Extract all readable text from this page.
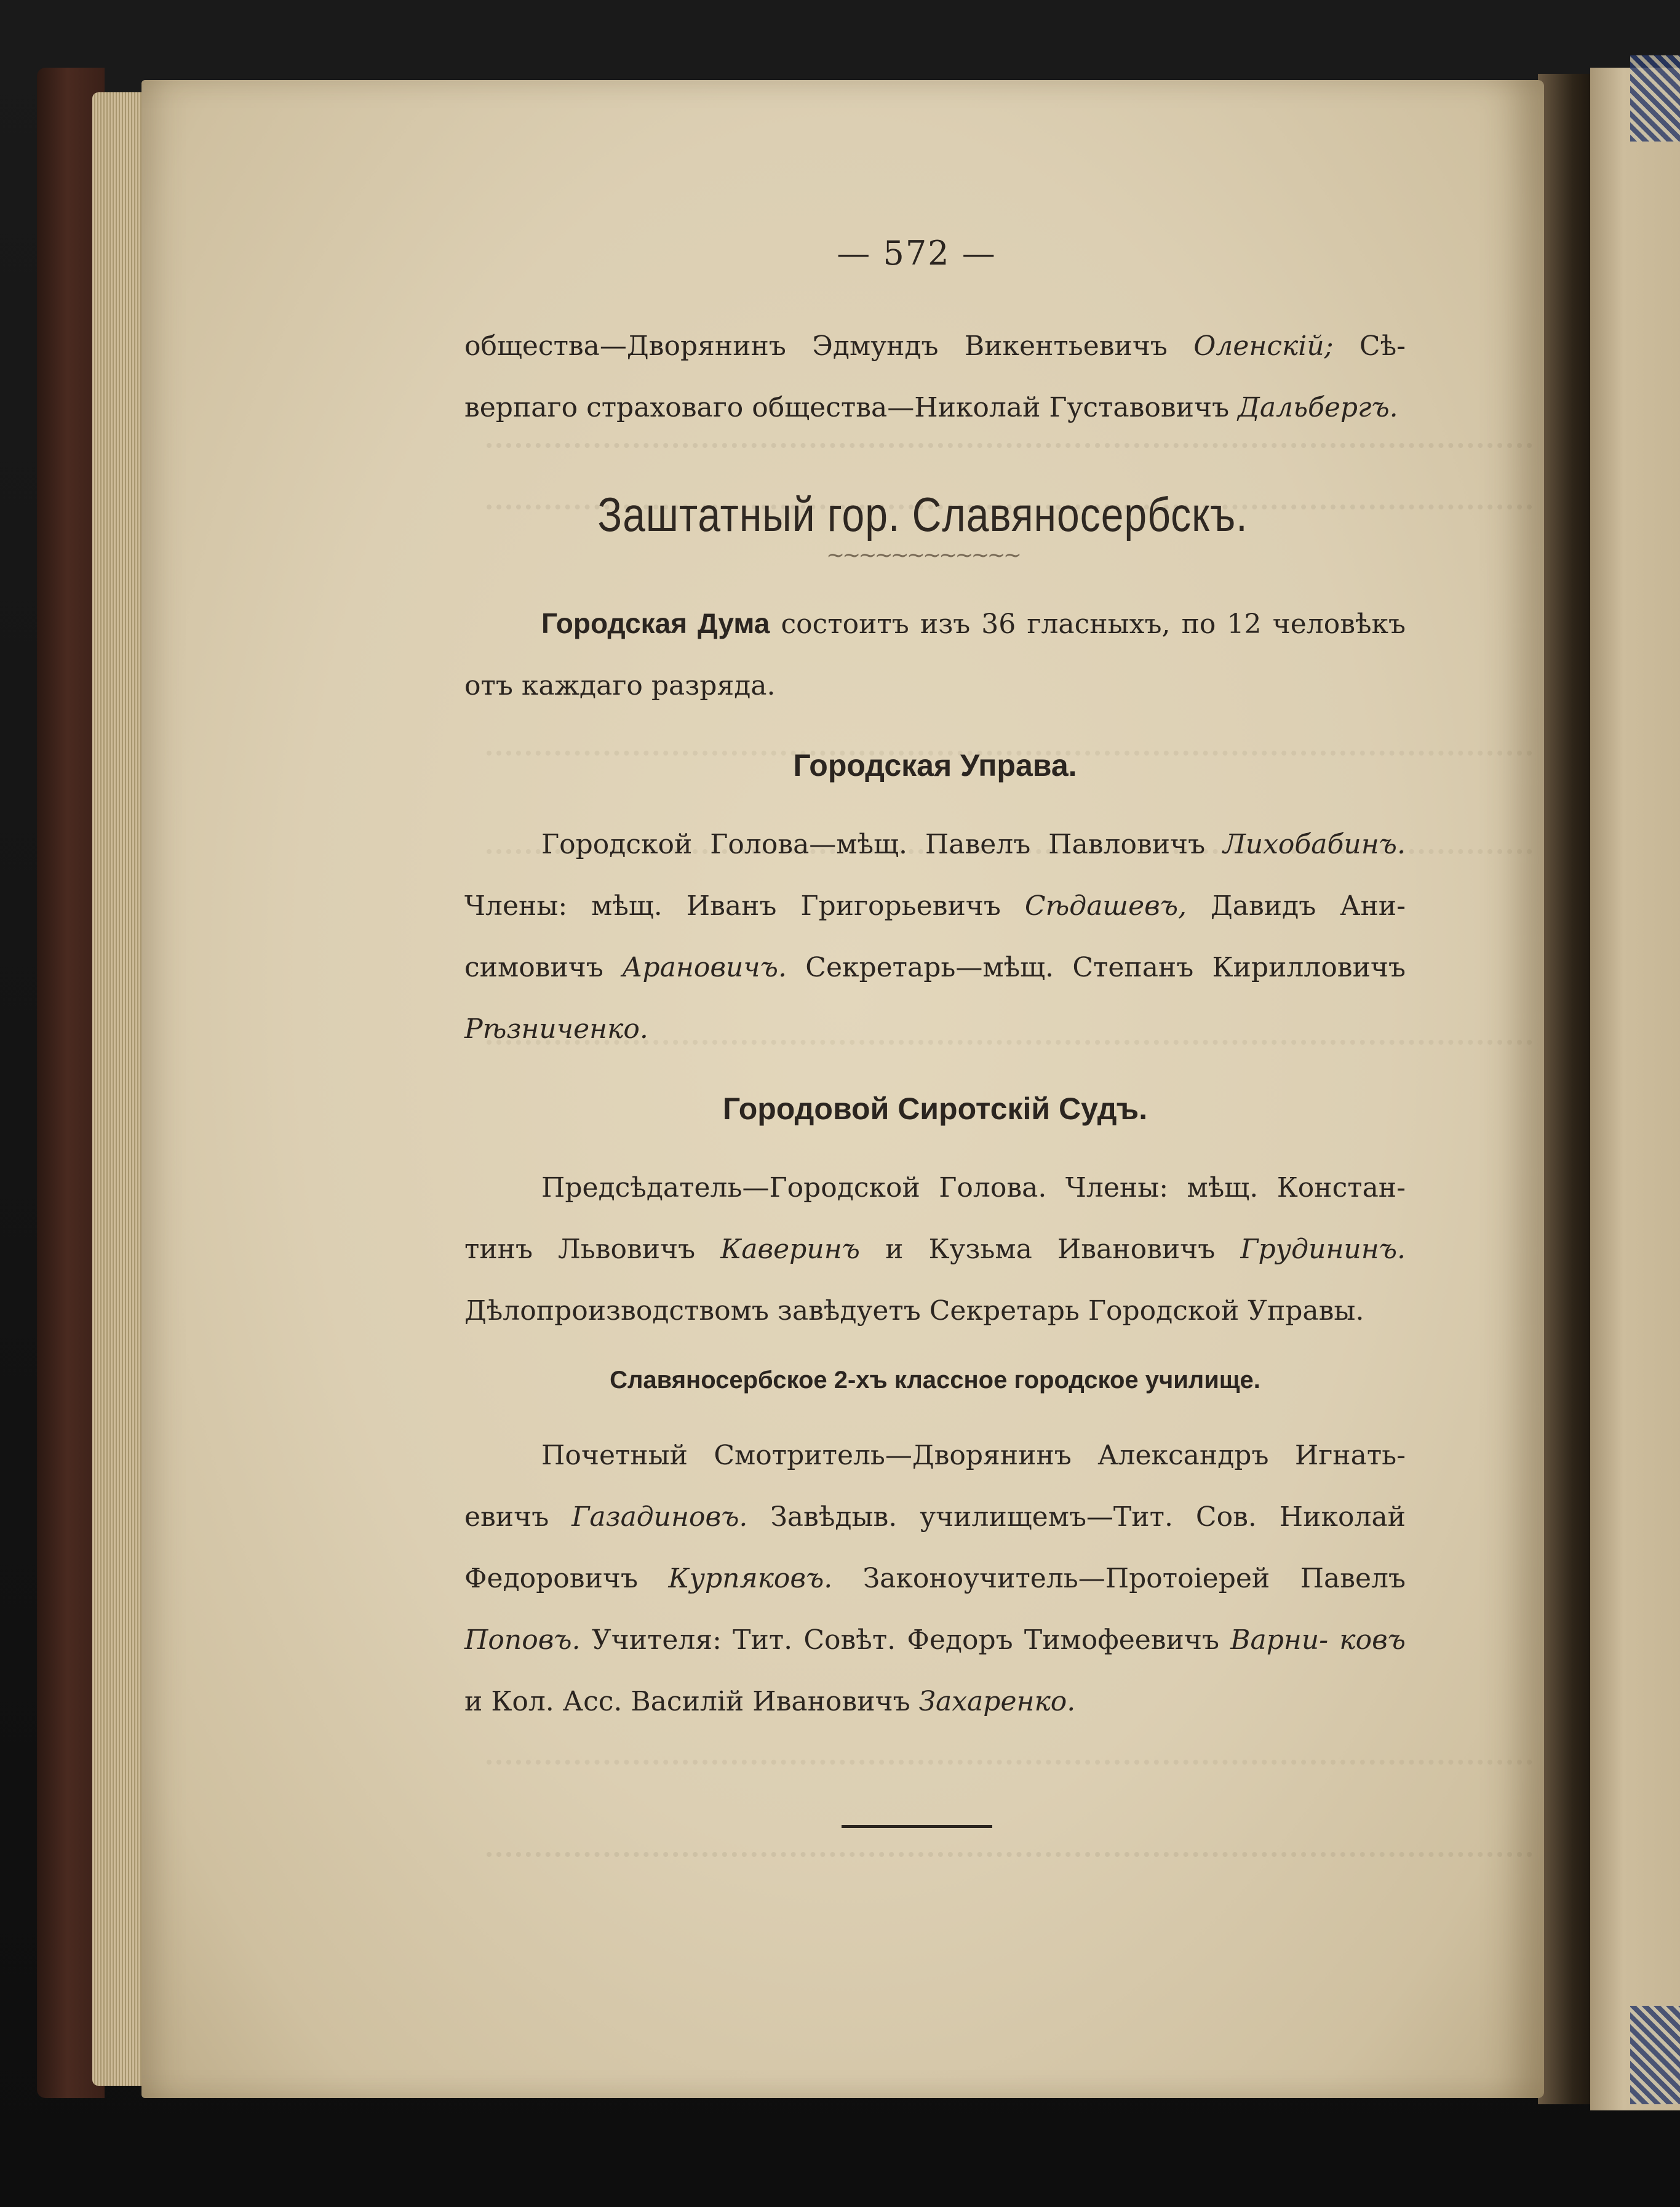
— 572 —

общества—Дворянинъ Эдмундъ Викентьевичъ Оленскій; Сѣ- верпаго страховаго общества—Николай Густавовичъ Дальбергъ.

Заштатный гор. Славяносербскъ.
~~~~~~~~~~~~

Городская Дума состоитъ изъ 36 гласныхъ, по 12 человѣкъ отъ каждаго разряда.

Городская Управа.

Городской Голова—мѣщ. Павелъ Павловичъ Лихобабинъ. Члены: мѣщ. Иванъ Григорьевичъ Сѣдашевъ, Давидъ Ани- симовичъ Арановичъ. Секретарь—мѣщ. Степанъ Кирилловичъ Рѣзниченко.

Городовой Сиротскій Судъ.

Предсѣдатель—Городской Голова. Члены: мѣщ. Констан- тинъ Львовичъ Каверинъ и Кузьма Ивановичъ Грудининъ. Дѣлопроизводствомъ завѣдуетъ Секретарь Городской Управы.

Славяносербское 2-хъ классное городское училище.

Почетный Смотритель—Дворянинъ Александръ Игнать- евичъ Газадиновъ. Завѣдыв. училищемъ—Тит. Сов. Николай Федоровичъ Курпяковъ. Законоучитель—Протоіерей Павелъ Поповъ. Учителя: Тит. Совѣт. Федоръ Тимофеевичъ Варни- ковъ и Кол. Асс. Василій Ивановичъ Захаренко.
